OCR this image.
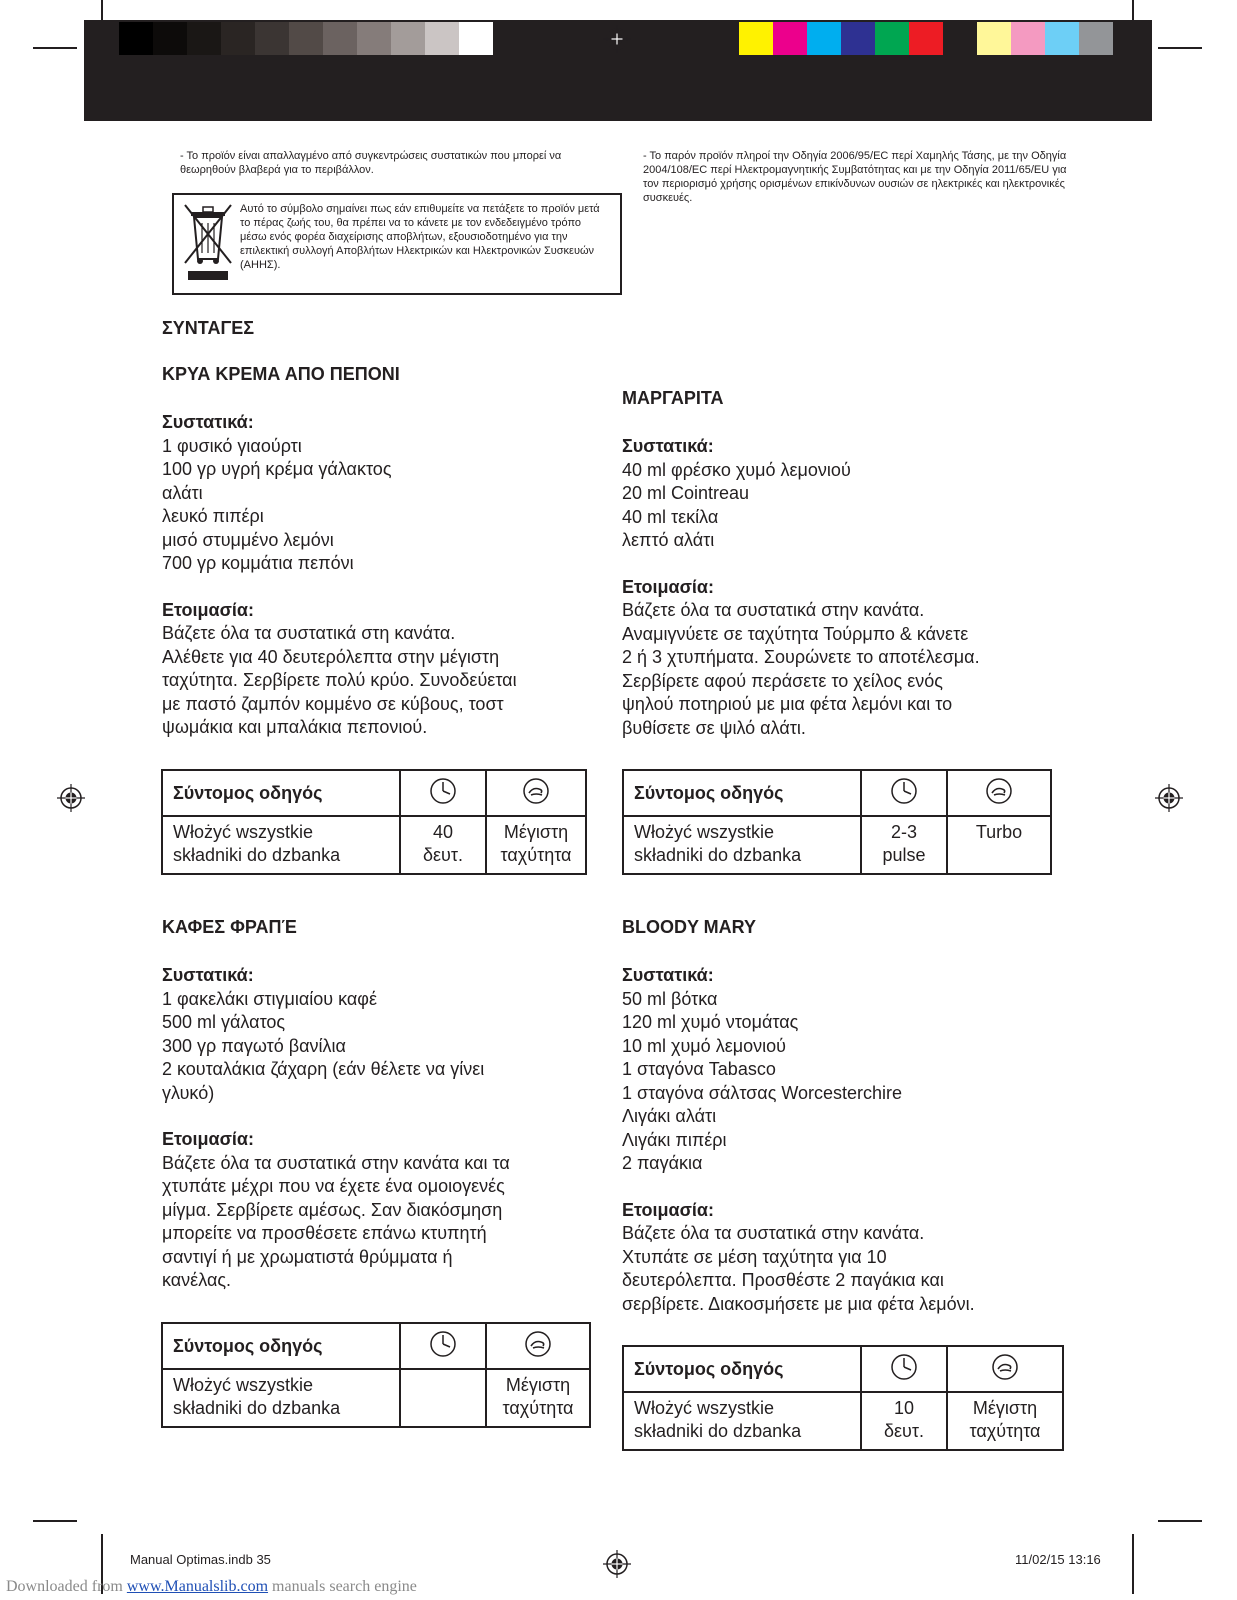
- Το προϊόν είναι απαλλαγμένο από συγκεντρώσεις συστατικών που μπορεί να θεωρηθούν βλαβερά για το περιβάλλον.
- Το παρόν προϊόν πληροί την Οδηγία 2006/95/EC περί Χαμηλής Τάσης, με την Οδηγία 2004/108/EC περί Ηλεκτρομαγνητικής Συμβατότητας και με την Οδηγία 2011/65/EU για τον περιορισμό χρήσης ορισμένων επικίνδυνων ουσιών σε ηλεκτρικές και ηλεκτρονικές συσκευές.
Αυτό το σύμβολο σημαίνει πως εάν επιθυμείτε να πετάξετε το προϊόν μετά το πέρας ζωής του, θα πρέπει να το κάνετε με τον ενδεδειγμένο τρόπο μέσω ενός φορέα διαχείρισης αποβλήτων, εξουσιοδοτημένο για την επιλεκτική συλλογή Αποβλήτων Ηλεκτρικών και Ηλεκτρονικών Συσκευών (ΑΗΗΣ).
ΣΥΝΤΑΓΕΣ
ΚΡΥΑ ΚΡΕΜΑ ΑΠΟ ΠΕΠΟΝΙ
Συστατικά:
1 φυσικό γιαούρτι
100 γρ υγρή κρέμα γάλακτος
αλάτι
λευκό πιπέρι
μισό στυμμένο λεμόνι
700 γρ κομμάτια πεπόνι
Ετοιμασία:
Βάζετε όλα τα συστατικά στη κανάτα.
Αλέθετε για 40 δευτερόλεπτα στην μέγιστη
ταχύτητα. Σερβίρετε πολύ κρύο. Συνοδεύεται
με παστό ζαμπόν κομμένο σε κύβους, τοστ
ψωμάκια και μπαλάκια πεπονιού.
ΜΑΡΓΑΡΙΤΑ
Συστατικά:
40 ml φρέσκο χυμό λεμονιού
20 ml Cointreau
40 ml τεκίλα
λεπτό αλάτι
Ετοιμασία:
Βάζετε όλα τα συστατικά στην κανάτα.
Αναμιγνύετε σε ταχύτητα Τούρμπο & κάνετε
2 ή 3 χτυπήματα. Σουρώνετε το αποτέλεσμα.
Σερβίρετε αφού περάσετε το χείλος ενός
ψηλού ποτηριού με μια φέτα λεμόνι και το
βυθίσετε σε ψιλό αλάτι.
Σύντομος οδηγός		

Włożyć wszystkie
składniki do dzbanka	40
δευτ.	Μέγιστη
ταχύτητα
Σύντομος οδηγός		

Włożyć wszystkie
składniki do dzbanka	2-3
pulse	Turbo
ΚΑΦΕΣ ΦΡΑΠΈ
Συστατικά:
1 φακελάκι στιγμιαίου καφέ
500 ml γάλατος
300 γρ παγωτό βανίλια
2 κουταλάκια ζάχαρη (εάν θέλετε να γίνει
γλυκό)
Ετοιμασία:
Βάζετε όλα τα συστατικά στην κανάτα και τα
χτυπάτε μέχρι που να έχετε ένα ομοιογενές
μίγμα. Σερβίρετε αμέσως. Σαν διακόσμηση
μπορείτε να προσθέσετε επάνω κτυπητή
σαντιγί ή με χρωματιστά θρύμματα ή
κανέλας.
BLOODY MARY
Συστατικά:
50 ml βότκα
120 ml χυμό ντομάτας
10 ml χυμό λεμονιού
1 σταγόνα Tabasco
1 σταγόνα σάλτσας Worcesterchire
Λιγάκι αλάτι
Λιγάκι πιπέρι
2 παγάκια
Ετοιμασία:
Βάζετε όλα τα συστατικά στην κανάτα.
Χτυπάτε σε μέση ταχύτητα για 10
δευτερόλεπτα. Προσθέστε 2 παγάκια και
σερβίρετε. Διακοσμήσετε με μια φέτα λεμόνι.
Σύντομος οδηγός		

Włożyć wszystkie
składniki do dzbanka		Μέγιστη
ταχύτητα
Σύντομος οδηγός		

Włożyć wszystkie
składniki do dzbanka	10
δευτ.	Μέγιστη
ταχύτητα
Manual Optimas.indb 35	11/02/15 13:16
Downloaded from www.Manualslib.com manuals search engine
